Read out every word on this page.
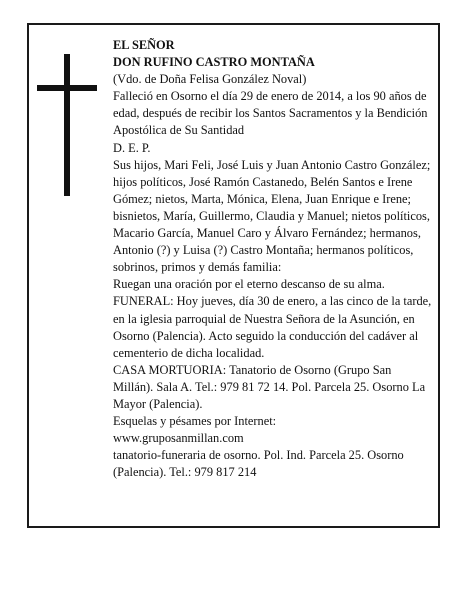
EL SEÑOR

DON RUFINO CASTRO MONTAÑA

(Vdo. de Doña Felisa González Noval)

Falleció en Osorno el día 29 de enero de 2014, a los 90 años de edad, después de recibir los Santos Sacramentos y la Bendición Apostólica de Su Santidad

D. E. P.

Sus hijos, Mari Feli, José Luis y Juan Antonio Castro González; hijos políticos, José Ramón Castanedo, Belén Santos e Irene Gómez; nietos, Marta, Mónica, Elena, Juan Enrique e Irene; bisnietos, María, Guillermo, Claudia y Manuel; nietos políticos, Macario García, Manuel Caro y Álvaro Fernández; hermanos, Antonio (?) y Luisa (?) Castro Montaña; hermanos políticos, sobrinos, primos y demás familia:

Ruegan una oración por el eterno descanso de su alma.

FUNERAL: Hoy jueves, día 30 de enero, a las cinco de la tarde, en la iglesia parroquial de Nuestra Señora de la Asunción, en Osorno (Palencia). Acto seguido la conducción del cadáver al cementerio de dicha localidad.

CASA MORTUORIA: Tanatorio de Osorno (Grupo San Millán). Sala A. Tel.: 979 81 72 14. Pol. Parcela 25. Osorno La Mayor (Palencia).

Esquelas y pésames por Internet:

www.gruposanmillan.com

tanatorio-funeraria de osorno. Pol. Ind. Parcela 25. Osorno (Palencia). Tel.: 979 817 214
